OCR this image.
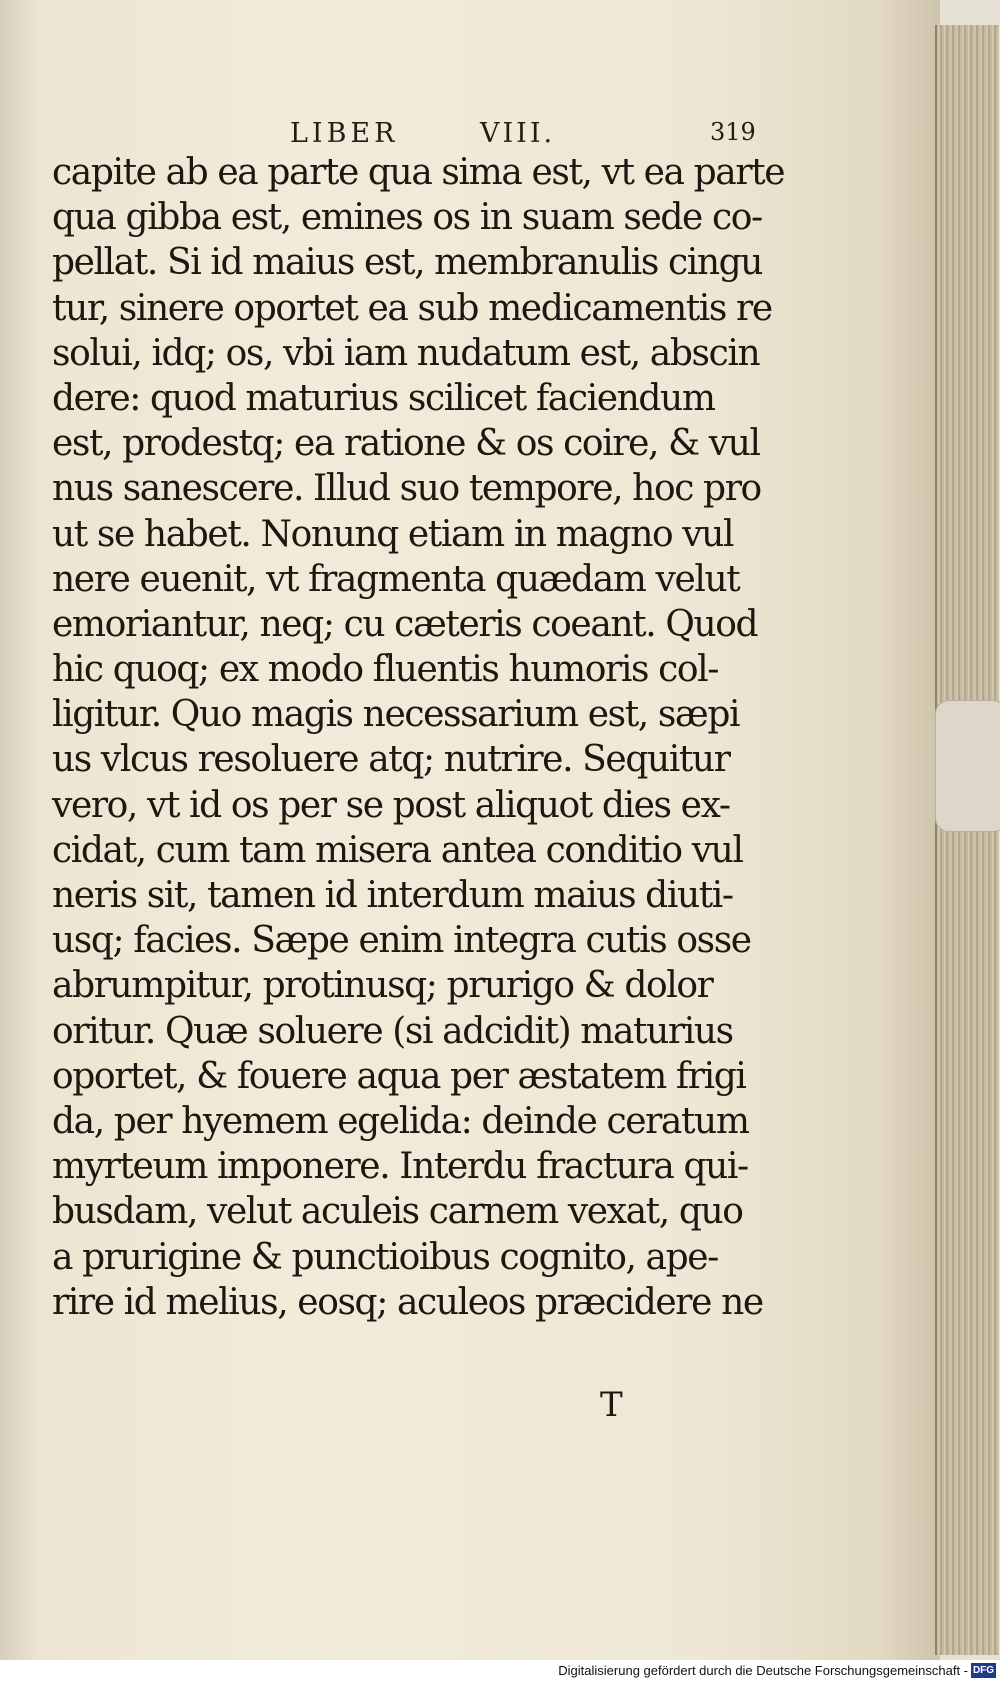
LIBER	VIII.	319
capite ab ea parte qua sima est, vt ea parte
qua gibba est, emines os in suam sede co-
pellat. Si id maius est, membranulis cingu
tur, sinere oportet ea sub medicamentis re
solui, idq; os, vbi iam nudatum est, abscin
dere: quod maturius scilicet faciendum
est, prodestq; ea ratione & os coire, & vul
nus sanescere. Illud suo tempore, hoc pro
ut se habet. Nonunq etiam in magno vul
nere euenit, vt fragmenta quædam velut
emoriantur, neq; cu cæteris coeant. Quod
hic quoq; ex modo fluentis humoris col-
ligitur. Quo magis necessarium est, sæpi
us vlcus resoluere atq; nutrire. Sequitur
vero, vt id os per se post aliquot dies ex-
cidat, cum tam misera antea conditio vul
neris sit, tamen id interdum maius diuti-
usq; facies. Sæpe enim integra cutis osse
abrumpitur, protinusq; prurigo & dolor
oritur. Quæ soluere (si adcidit) maturius
oportet, & fouere aqua per æstatem frigi
da, per hyemem egelida: deinde ceratum
myrteum imponere. Interdu fractura qui-
busdam, velut aculeis carnem vexat, quo
a prurigine & punctioibus cognito, ape-
rire id melius, eosq; aculeos præcidere ne
T
Digitalisierung gefördert durch die Deutsche Forschungsgemeinschaft - DFG
